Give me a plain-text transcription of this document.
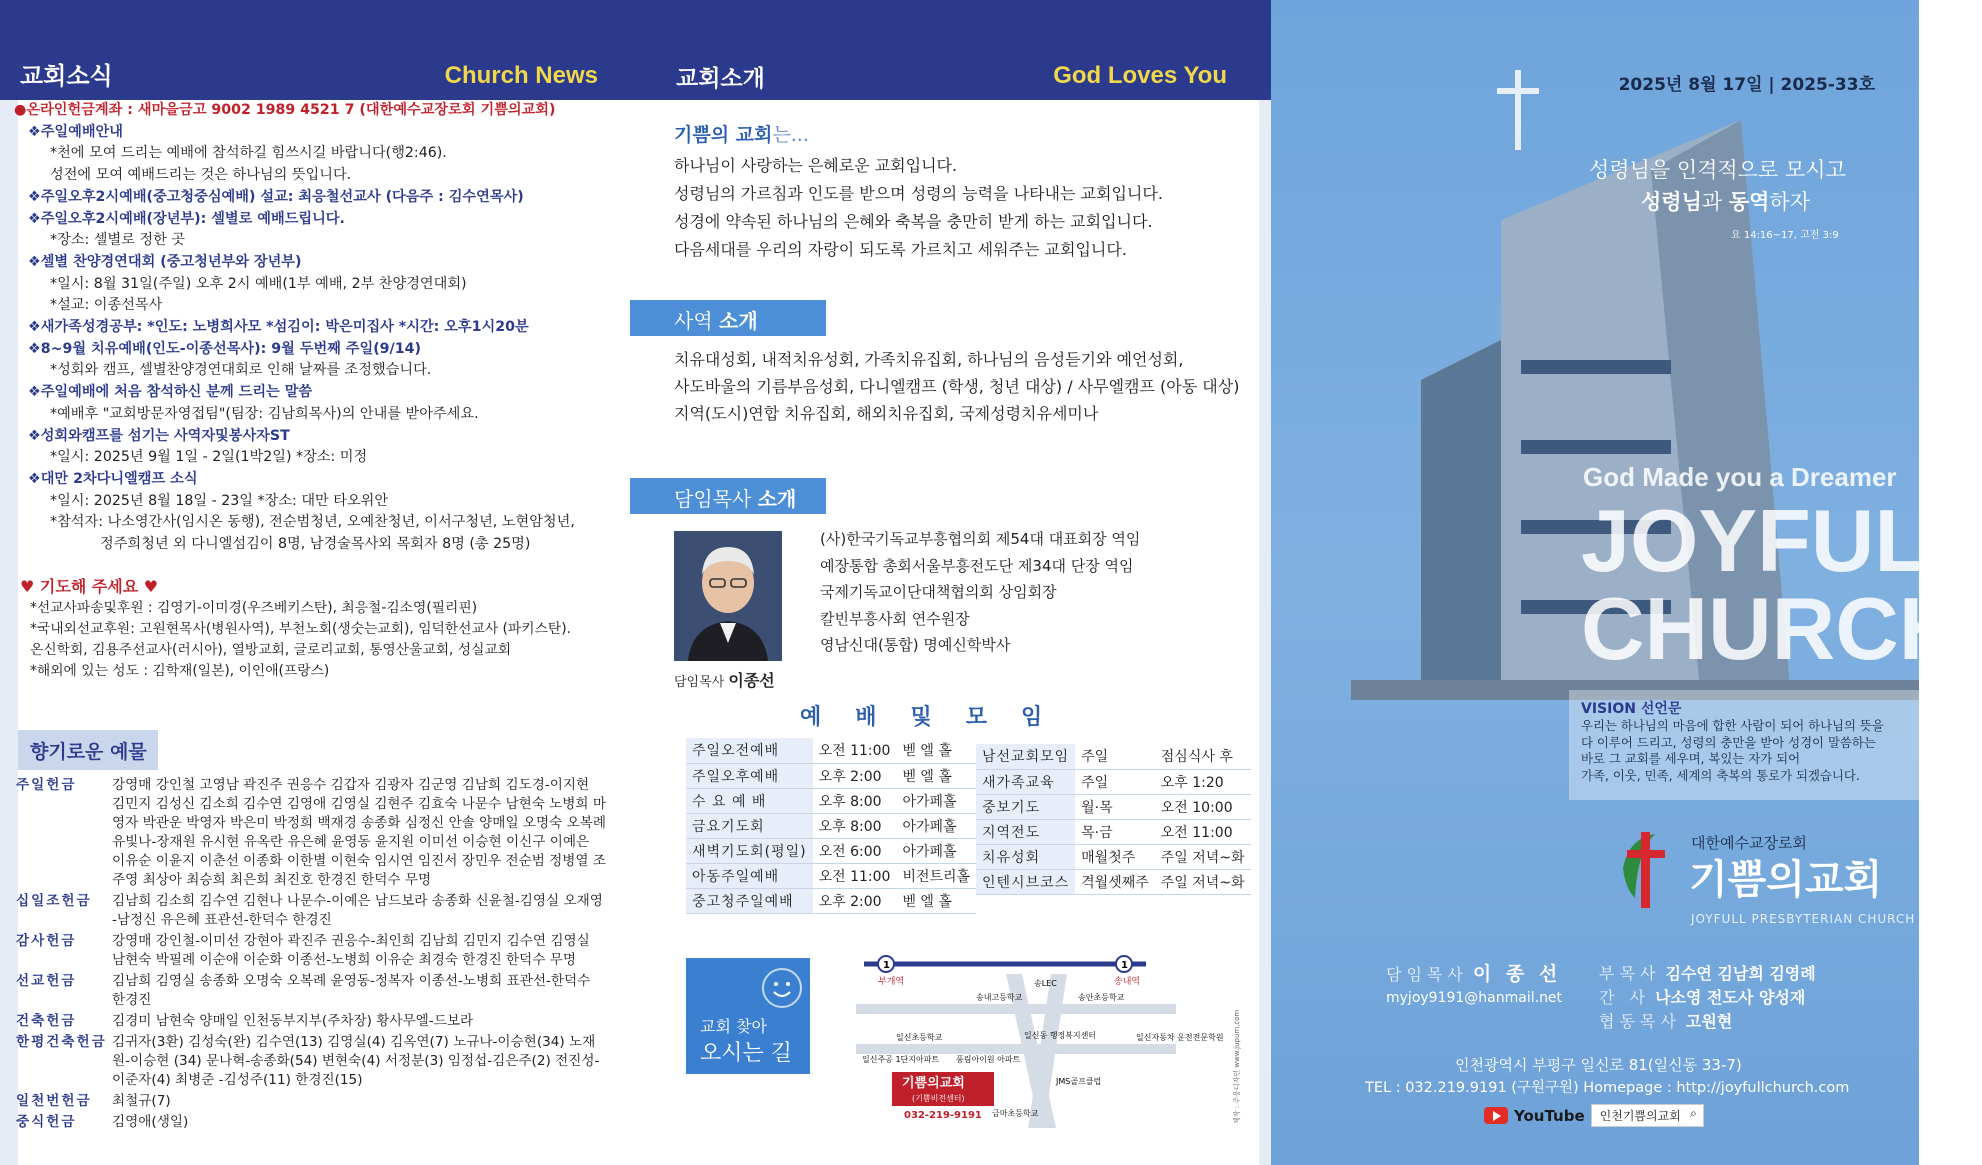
교회소식	Church News
●온라인헌금계좌 : 새마을금고 9002 1989 4521 7 (대한예수교장로회 기쁨의교회)
❖주일예배안내
*천에 모여 드리는 예배에 참석하길 힘쓰시길 바랍니다(행2:46).
성전에 모여 예배드리는 것은 하나님의 뜻입니다.
❖주일오후2시예배(중고청중심예배) 설교: 최응철선교사 (다음주 : 김수연목사)
❖주일오후2시예배(장년부): 셀별로 예배드립니다.
*장소: 셀별로 정한 곳
❖셀별 찬양경연대회 (중고청년부와 장년부)
*일시: 8월 31일(주일) 오후 2시 예배(1부 예배, 2부 찬양경연대회)
*설교: 이종선목사
❖새가족성경공부: *인도: 노병희사모 *섬김이: 박은미집사 *시간: 오후1시20분
❖8~9월 치유예배(인도-이종선목사): 9월 두번째 주일(9/14)
*성회와 캠프, 셀별찬양경연대회로 인해 날짜를 조정했습니다.
❖주일예배에 처음 참석하신 분께 드리는 말씀
*예배후 "교회방문자영접팀"(팀장: 김남희목사)의 안내를 받아주세요.
❖성회와캠프를 섬기는 사역자및봉사자ST
*일시: 2025년 9월 1일 - 2일(1박2일) *장소: 미정
❖대만 2차다니엘캠프 소식
*일시: 2025년 8월 18일 - 23일 *장소: 대만 타오위안
*참석자: 나소영간사(임시온 동행), 전순범청년, 오예찬청년, 이서구청년, 노현암청년,
정주희청년 외 다니엘섬김이 8명, 남경술목사외 목회자 8명 (총 25명)
♥ 기도해 주세요 ♥
*선교사파송및후원 : 김영기-이미경(우즈베키스탄), 최응철-김소영(필리핀)
*국내외선교후원: 고원현목사(병원사역), 부천노회(생숫는교회), 임덕한선교사 (파키스탄).
온신학회, 김용주선교사(러시아), 열방교회, 글로리교회, 통영산울교회, 성실교회
*해외에 있는 성도 : 김학재(일본), 이인애(프랑스)
향기로운 예물
주일헌금	강영매 강인철 고영남 곽진주 권응수 김갑자 김광자 김군영 김남희 김도경-이지현 김민지 김성신 김소희 김수연 김영애 김영실 김현주 김효숙 나문수 남현숙 노병희 마영자 박관운 박영자 박은미 박정희 백재경 송종화 심정신 안솔 양매일 오명숙 오복례 유빛나-장재원 유시현 유옥란 유은혜 윤영동 윤지원 이미선 이승현 이신구 이예은 이유순 이윤지 이춘선 이종화 이한별 이현숙 임시연 임진서 장민우 전순범 정병열 조주영 최상아 최승희 최은희 최진호 한경진 한덕수 무명
십일조헌금	김남희 김소희 김수연 김현나 나문수-이예은 남드보라 송종화 신윤철-김영실 오재영 -남정신 유은혜 표관선-한덕수 한경진
감사헌금	강영매 강인철-이미선 강현아 곽진주 권응수-최인희 김남희 김민지 김수연 김영실 남현숙 박필례 이순애 이순화 이종선-노병희 이유순 최경숙 한경진 한덕수 무명
선교헌금	김남희 김영실 송종화 오명숙 오복례 윤영동-정복자 이종선-노병희 표관선-한덕수 한경진
건축헌금	김경미 남현숙 양매일 인천동부지부(주차장) 황사무엘-드보라
한평건축헌금 김귀자(3환) 김성숙(완) 김수연(13) 김영실(4) 김옥연(7) 노규나-이승현(34) 노재원-이승현 (34) 문나혁-송종화(54) 변현숙(4) 서정분(3) 임정섭-김은주(2) 전진성-이준자(4) 최병준 -김성주(11) 한경진(15)
일천번헌금	최철규(7)
중식헌금	김영애(생일)
교회소개	God Loves You
기쁨의 교회는...
하나님이 사랑하는 은혜로운 교회입니다.
성령님의 가르침과 인도를 받으며 성령의 능력을 나타내는 교회입니다.
성경에 약속된 하나님의 은혜와 축복을 충만히 받게 하는 교회입니다.
다음세대를 우리의 자랑이 되도록 가르치고 세워주는 교회입니다.
사역 소개
치유대성회, 내적치유성회, 가족치유집회, 하나님의 음성듣기와 예언성회,
사도바울의 기름부음성회, 다니엘캠프 (학생, 청년 대상) / 사무엘캠프 (아동 대상)
지역(도시)연합 치유집회, 해외치유집회, 국제성령치유세미나
담임목사 소개
담임목사 이종선
(사)한국기독교부흥협의회 제54대 대표회장 역임
예장통합 총회서울부흥전도단 제34대 단장 역임
국제기독교이단대책협의회 상임회장
칼빈부흥사회 연수원장
영남신대(통합) 명예신학박사
예배및모임
주일오전예배	오전 11:00	벧 엘 홀
주일오후예배	오후 2:00	벧 엘 홀
수 요 예 배	오후 8:00	아가페홀
금요기도회	오후 8:00	아가페홀
새벽기도회(평일)	오전 6:00	아가페홀
아동주일예배	오전 11:00	비전트리홀
중고청주일예배	오후 2:00	벧 엘 홀
남선교회모임	주일	점심식사 후
새가족교육	주일	오후 1:20
중보기도	월·목	오전 10:00
지역전도	목·금	오전 11:00
치유성회	매월첫주	주일 저녁~화
인텐시브코스	격월셋째주	주일 저녁~화
교회 찾아
오시는 길
1	1
부개역	송내역
송내고등학교
송LEC
송안초등학교
일신초등학교
일신주공 1단지아파트 풍림아이원 아파트
일신동 행정복지센터	일신자동차 운전전문학원
JMS골프클럽
금마초등학교
기쁨의교회
(기쁨비전센터)
032-219-9191	제작 : 주웅디자인 www.jupum.com
2025년 8월 17일 | 2025-33호
성령님을 인격적으로 모시고
성령님과 동역하자
요 14:16~17, 고전 3:9
God Made you a Dreamer
JOYFULL
CHURCH
VISION 선언문
우리는 하나님의 마음에 합한 사람이 되어 하나님의 뜻을
다 이루어 드리고, 성령의 충만을 받아 성경이 말씀하는
바로 그 교회를 세우며, 복있는 자가 되어
가족, 이웃, 민족, 세계의 축복의 통로가 되겠습니다.
대한예수교장로회
기쁨의교회
JOYFULL PRESBYTERIAN CHURCH
담임목사 이 종 선
myjoy9191@hanmail.net
부목사 김수연 김남희 김영례
간 사 나소영 전도사 양성재
협동목사 고원현
인천광역시 부평구 일신로 81(일신동 33-7)
TEL : 032.219.9191 (구원구원) Homepage : http://joyfullchurch.com
YouTube	인천기쁨의교회 ⌕
